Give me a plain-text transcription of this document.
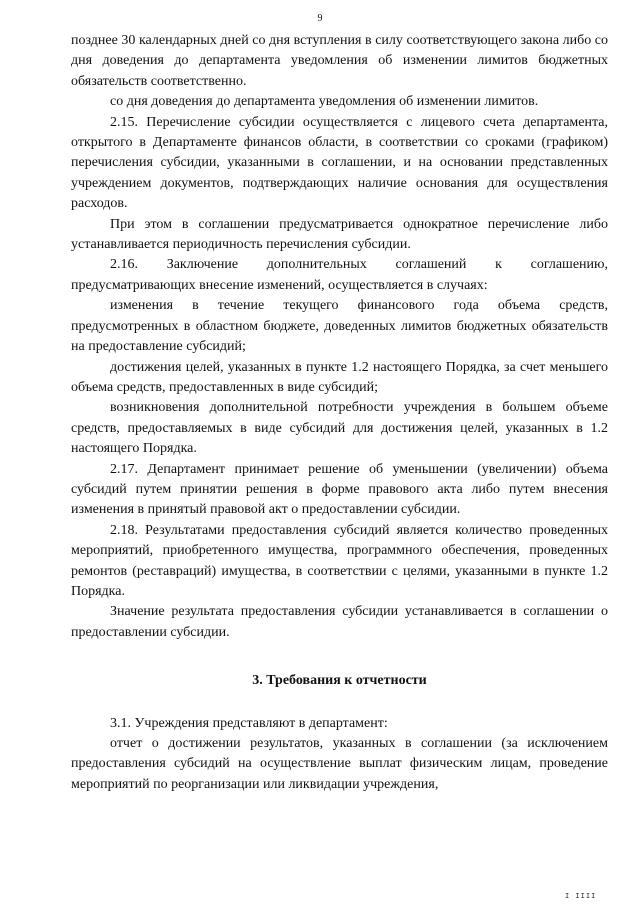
9

позднее 30 календарных дней со дня вступления в силу соответствующего закона либо со дня доведения до департамента уведомления об изменении лимитов бюджетных обязательств соответственно.

со дня доведения до департамента уведомления об изменении лимитов.

2.15. Перечисление субсидии осуществляется с лицевого счета департамента, открытого в Департаменте финансов области, в соответствии со сроками (графиком) перечисления субсидии, указанными в соглашении, и на основании представленных учреждением документов, подтверждающих наличие основания для осуществления расходов.

При этом в соглашении предусматривается однократное перечисление либо устанавливается периодичность перечисления субсидии.

2.16. Заключение дополнительных соглашений к соглашению, предусматривающих внесение изменений, осуществляется в случаях:

изменения в течение текущего финансового года объема средств, предусмотренных в областном бюджете, доведенных лимитов бюджетных обязательств на предоставление субсидий;

достижения целей, указанных в пункте 1.2 настоящего Порядка, за счет меньшего объема средств, предоставленных в виде субсидий;

возникновения дополнительной потребности учреждения в большем объеме средств, предоставляемых в виде субсидий для достижения целей, указанных в 1.2 настоящего Порядка.

2.17. Департамент принимает решение об уменьшении (увеличении) объема субсидий путем принятии решения в форме правового акта либо путем внесения изменения в принятый правовой акт о предоставлении субсидии.

2.18. Результатами предоставления субсидий является количество проведенных мероприятий, приобретенного имущества, программного обеспечения, проведенных ремонтов (реставраций) имущества, в соответствии с целями, указанными в пункте 1.2 Порядка.

Значение результата предоставления субсидии устанавливается в соглашении о предоставлении субсидии.

3. Требования к отчетности

3.1. Учреждения представляют в департамент:

отчет о достижении результатов, указанных в соглашении (за исключением предоставления субсидий на осуществление выплат физическим лицам, проведение мероприятий по реорганизации или ликвидации учреждения,

I IIII
